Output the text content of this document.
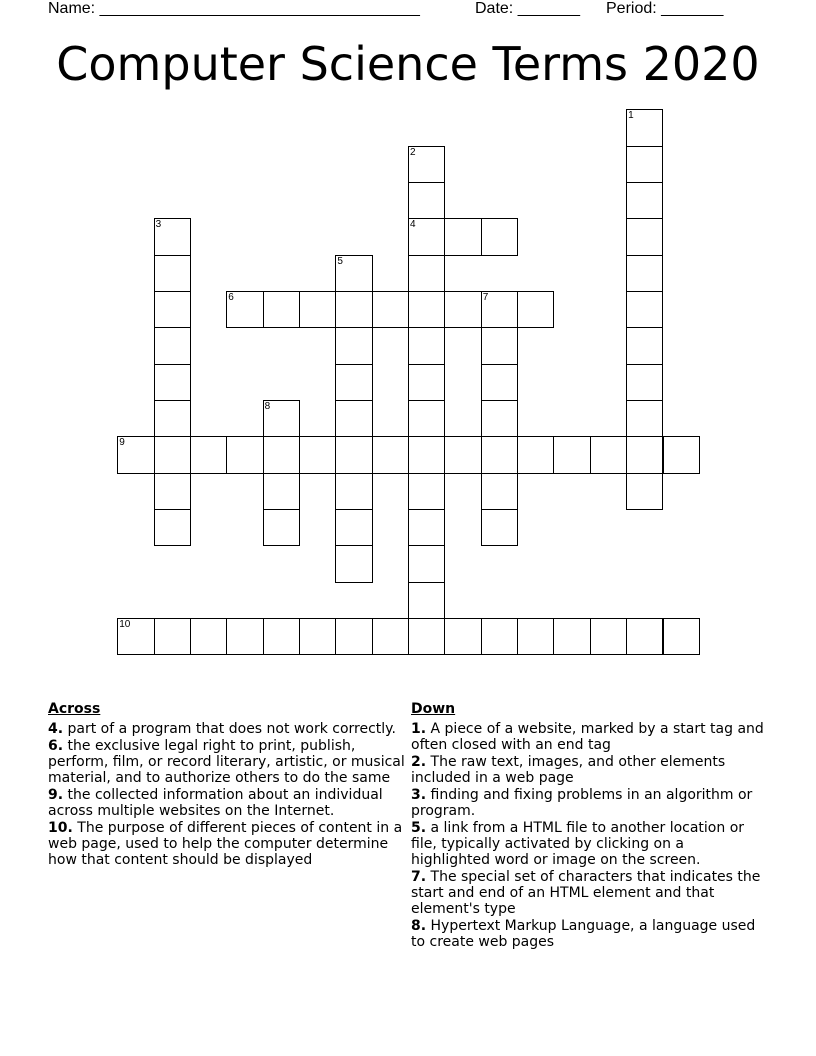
Name: ____________________________________	Date: _______ Period: _______
Computer Science Terms 2020
1
2
4
3
5
6	7
8
9
10
Across
4. part of a program that does not work correctly.
6. the exclusive legal right to print, publish, perform, film, or record literary, artistic, or musical material, and to authorize others to do the same
9. the collected information about an individual across multiple websites on the Internet.
10. The purpose of different pieces of content in a web page, used to help the computer determine how that content should be displayed
Down
1. A piece of a website, marked by a start tag and often closed with an end tag
2. The raw text, images, and other elements included in a web page
3. finding and fixing problems in an algorithm or program.
5. a link from a HTML file to another location or file, typically activated by clicking on a highlighted word or image on the screen.
7. The special set of characters that indicates the start and end of an HTML element and that element's type
8. Hypertext Markup Language, a language used to create web pages
